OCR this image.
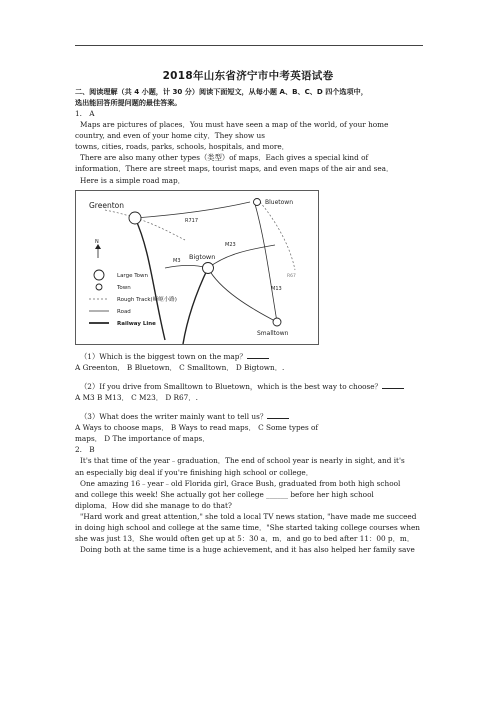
2018年山东省济宁市中考英语试卷
二、阅读理解（共 4 小题，计 30 分）阅读下面短文，从每小题 A、B、C、D 四个选项中，
选出能回答所提问题的最佳答案。
1.　A
Maps are pictures of places．You must have seen a map of the world, of your home
country, and even of your home city．They show us
towns, cities, roads, parks, schools, hospitals, and more．
There are also many other types（类型）of maps．Each gives a special kind of
information．There are street maps, tourist maps, and even maps of the air and sea．
Here is a simple road map．
Greenton	Bluetown
Bigtown
Smalltown
R717
M23
M3
M13
R67
N
Large Town
Town
Rough Track(崎岖小路)
Road
Railway Line
（1）Which is the biggest town on the map？
A Greenton． B Bluetown． C Smalltown． D Bigtown．.
（2）If you drive from Smalltown to Bluetown，which is the best way to choose？
A M3 B M13． C M23． D R67．.
（3）What does the writer mainly want to tell us？
A Ways to choose maps． B Ways to read maps． C Some types of
maps． D The importance of maps．
2.　B
It's that time of the year﹣graduation．The end of school year is nearly in sight, and it's
an especially big deal if you're finishing high school or college．
One amazing 16﹣year﹣old Florida girl, Grace Bush, graduated from both high school
and college this week! She actually got her college ______ before her high school
diploma．How did she manage to do that?
"Hard work and great attention," she told a local TV news station, "have made me succeed
in doing high school and college at the same time．"She started taking college courses when
she was just 13．She would often get up at 5：30 a．m．and go to bed after 11：00 p．m．
Doing both at the same time is a huge achievement, and it has also helped her family save
